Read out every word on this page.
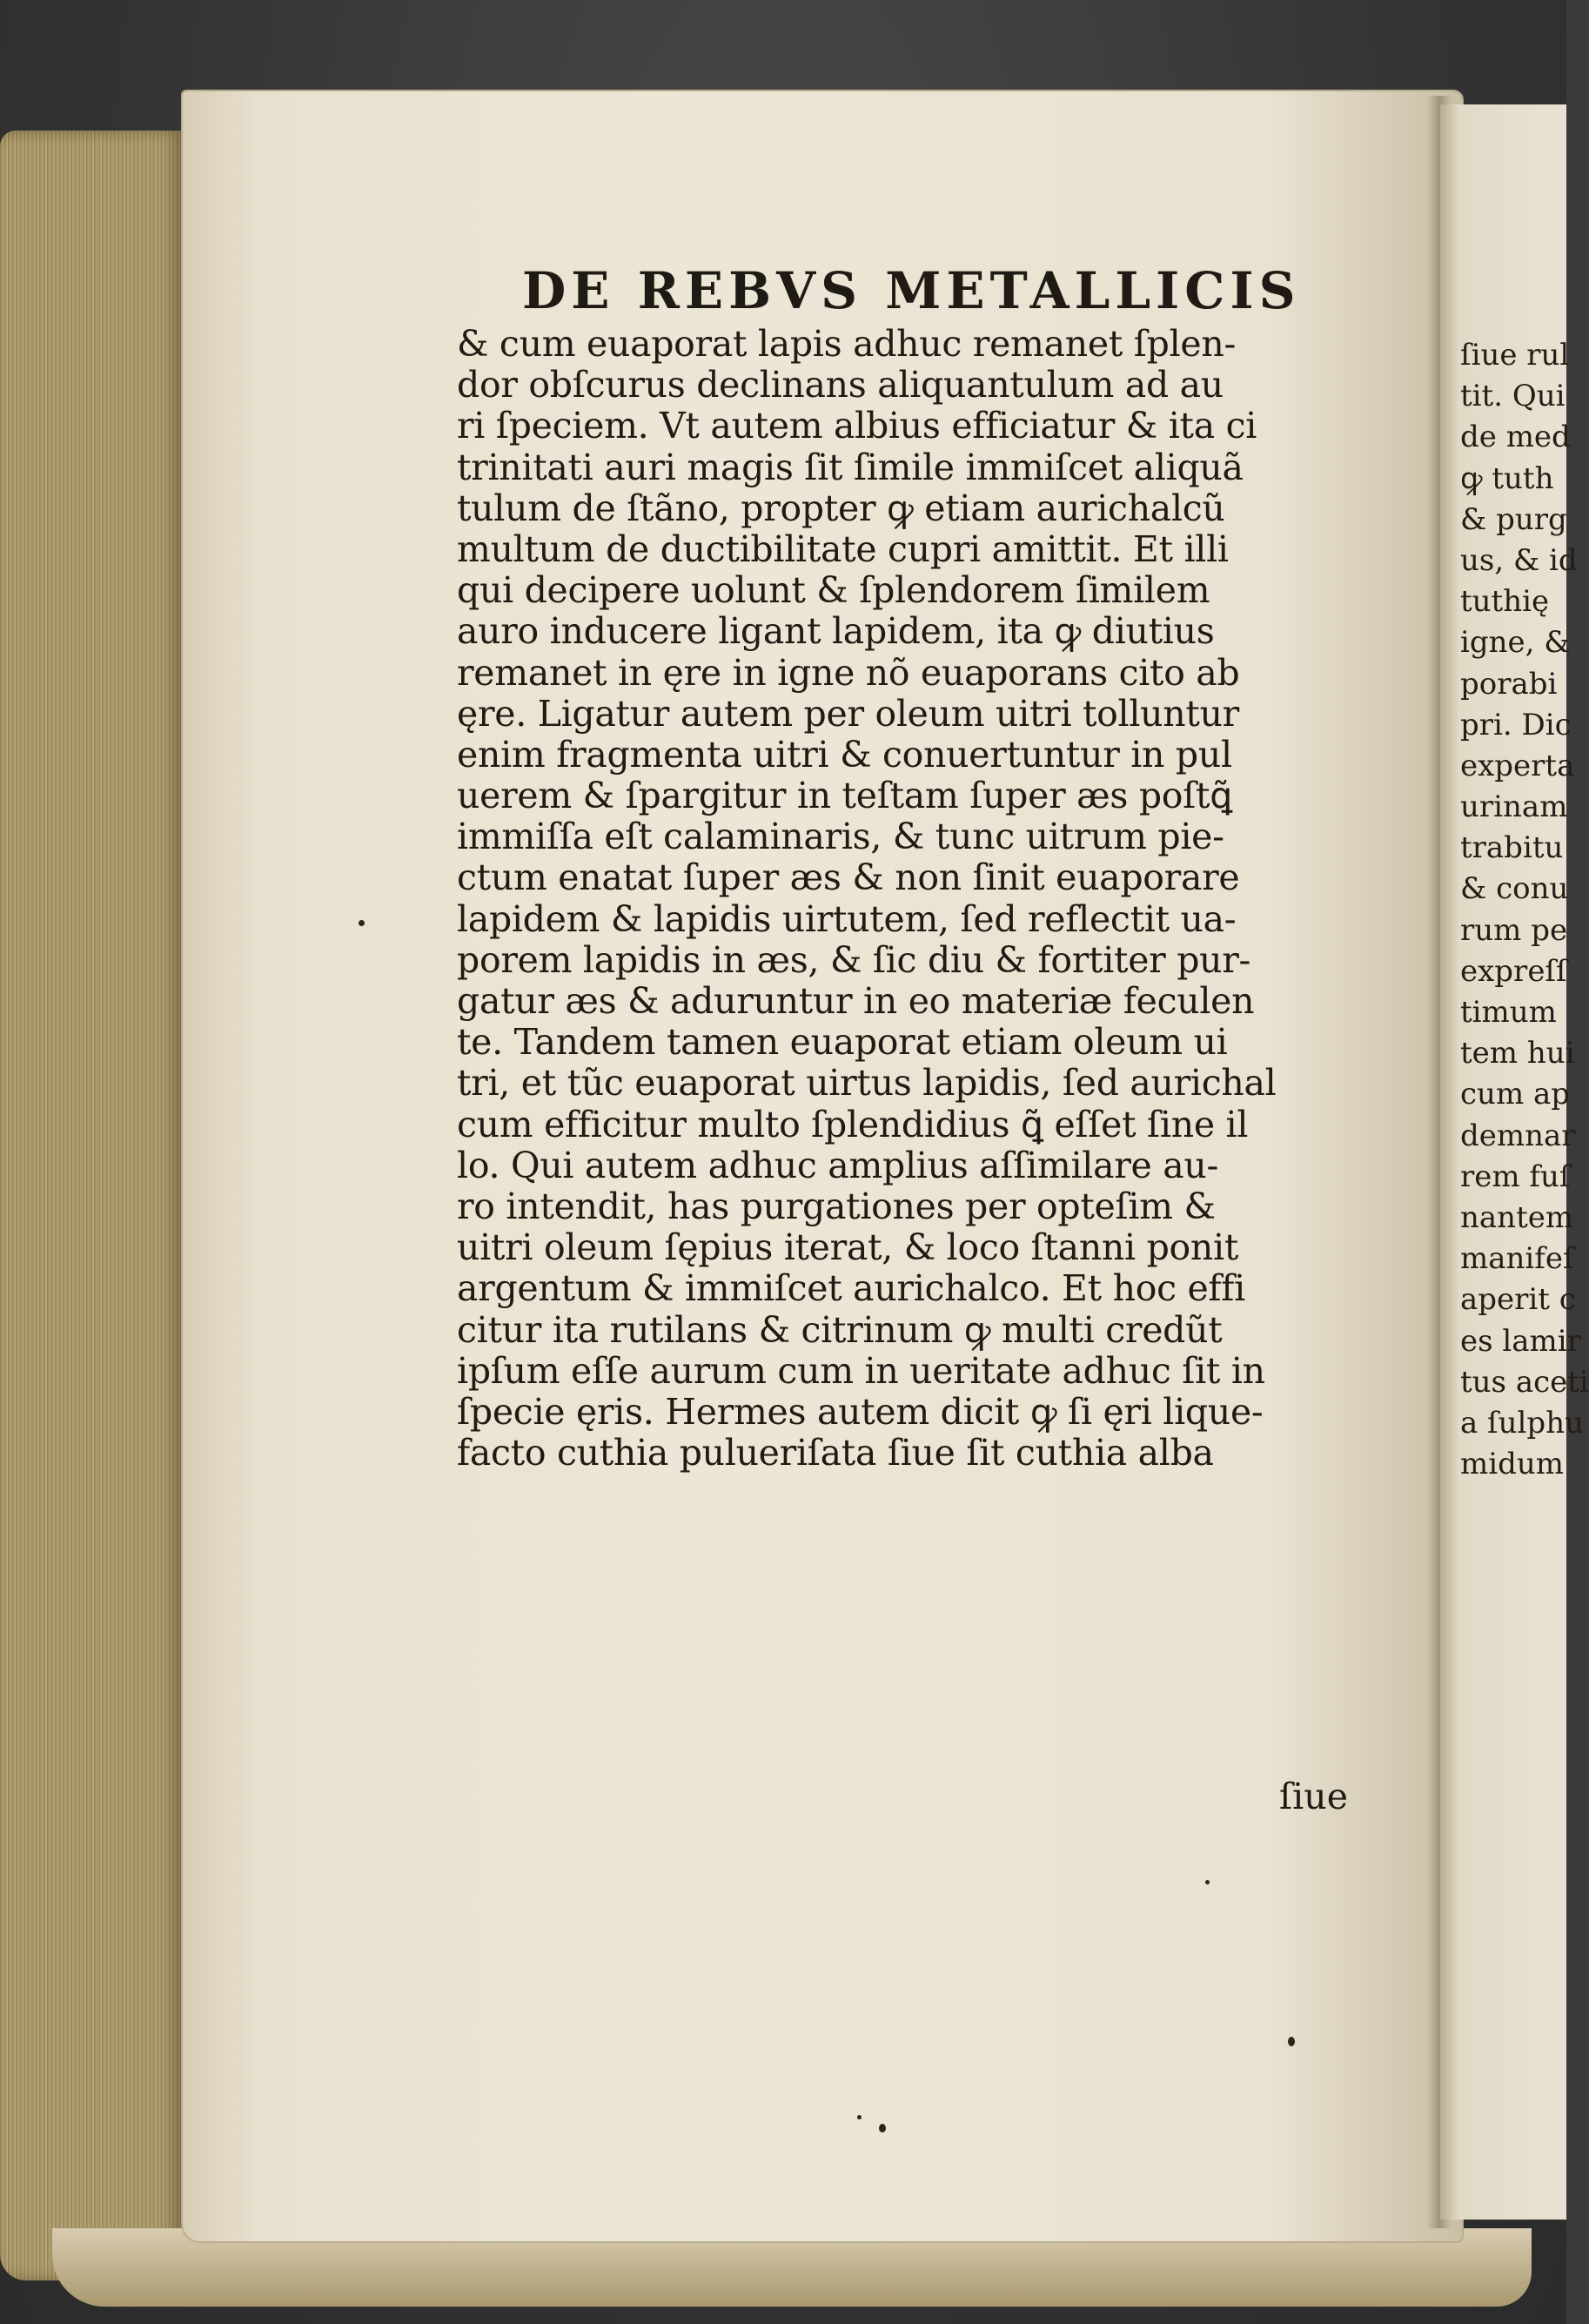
DE REBVS METALLICIS
& cum euaporat lapis adhuc remanet ſplen-
dor obſcurus declinans aliquantulum ad au
ri ſpeciem. Vt autem albius efficiatur & ita ci
trinitati auri magis ſit ſimile immiſcet aliquã
tulum de ſtãno, propter ꝙ etiam aurichalcũ
multum de ductibilitate cupri amittit. Et illi
qui decipere uolunt & ſplendorem ſimilem
auro inducere ligant lapidem, ita ꝙ diutius
remanet in ęre in igne nõ euaporans cito ab
ęre. Ligatur autem per oleum uitri tolluntur
enim fragmenta uitri & conuertuntur in pul
uerem & ſpargitur in teſtam ſuper æs poſtꝗ̃
immiſſa eſt calaminaris, & tunc uitrum pie-
ctum enatat ſuper æs & non ſinit euaporare
lapidem & lapidis uirtutem, ſed reflectit ua-
porem lapidis in æs, & ſic diu & fortiter pur-
gatur æs & aduruntur in eo materiæ feculen
te. Tandem tamen euaporat etiam oleum ui
tri, et tũc euaporat uirtus lapidis, ſed aurichal
cum efficitur multo ſplendidius ꝗ̃ eſſet ſine il
lo. Qui autem adhuc amplius aſſimilare au-
ro intendit, has purgationes per opteſim &
uitri oleum ſępius iterat, & loco ſtanni ponit
argentum & immiſcet aurichalco. Et hoc effi
citur ita rutilans & citrinum ꝙ multi credũt
ipſum eſſe aurum cum in ueritate adhuc ſit in
ſpecie ęris. Hermes autem dicit ꝙ ſi ęri lique-
facto cuthia pulueriſata ſiue ſit cuthia alba
ſiue
ſiue rul
tit. Qui
de med
ꝙ tuth
& purg
us, & id
tuthię
igne, &
porabi
pri. Dic
experta
urinam
trabitu
& conu
rum pe
expreſſ
timum
tem hui
cum ap
demnar
rem fuſ
nantem
manifeſ
aperit c
es lamir
tus aceti
a ſulphu
midum
